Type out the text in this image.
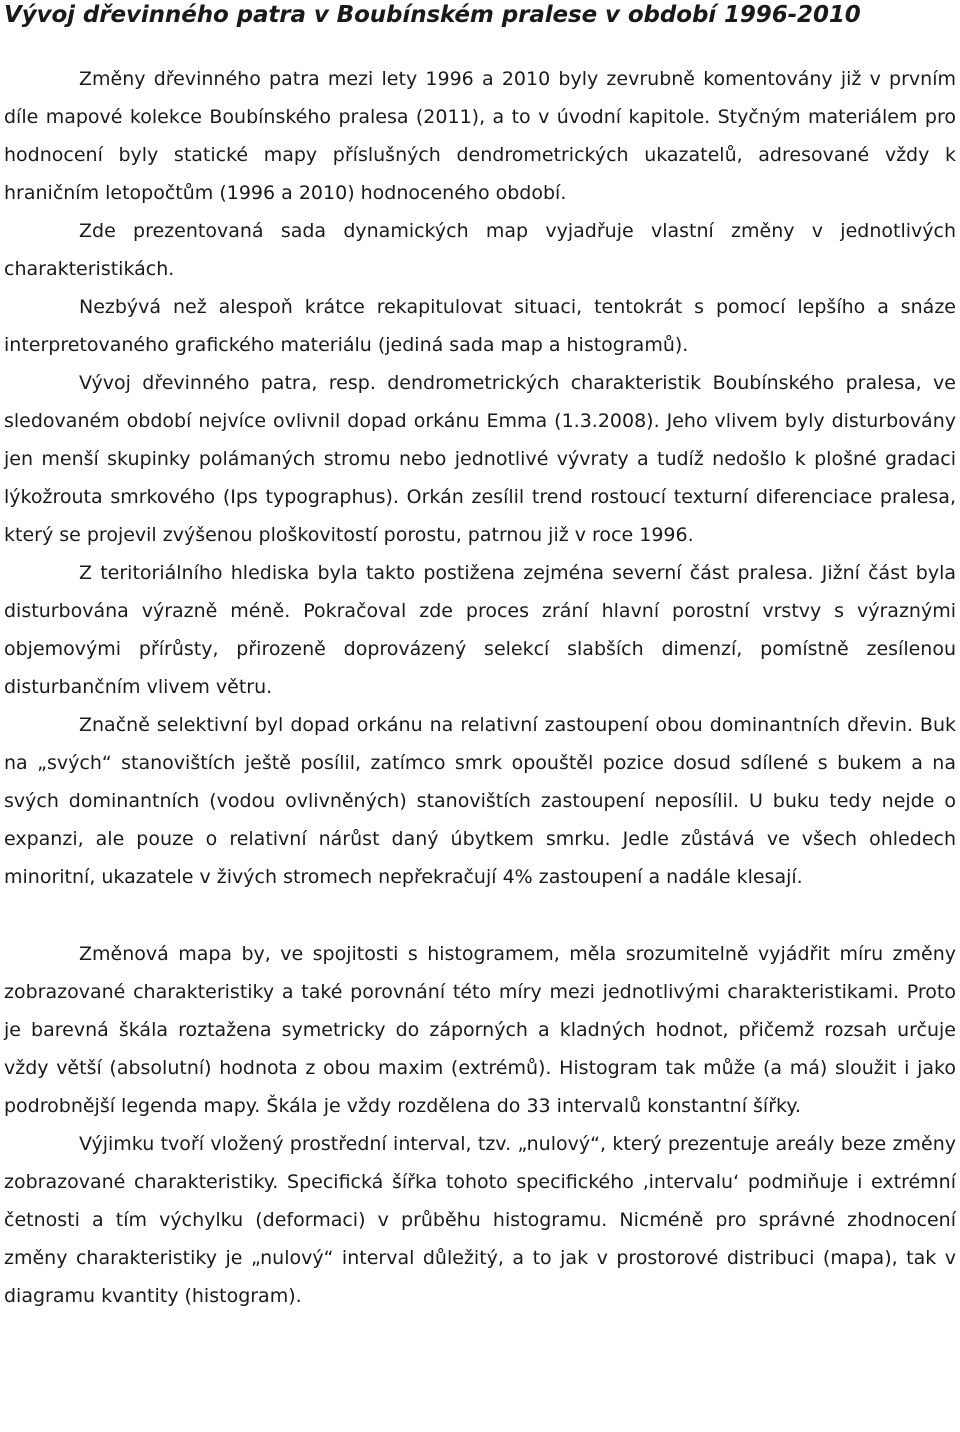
Vývoj dřevinného patra v Boubínském pralese v období 1996-2010

Změny dřevinného patra mezi lety 1996 a 2010 byly zevrubně komentovány již v prvním díle mapové kolekce Boubínského pralesa (2011), a to v úvodní kapitole. Styčným materiálem pro hodnocení byly statické mapy příslušných dendrometrických ukazatelů, adresované vždy k hraničním letopočtům (1996 a 2010) hodnoceného období.

Zde prezentovaná sada dynamických map vyjadřuje vlastní změny v jednotlivých charakteristikách.

Nezbývá než alespoň krátce rekapitulovat situaci, tentokrát s pomocí lepšího a snáze interpretovaného grafického materiálu (jediná sada map a histogramů).

Vývoj dřevinného patra, resp. dendrometrických charakteristik Boubínského pralesa, ve sledovaném období nejvíce ovlivnil dopad orkánu Emma (1.3.2008). Jeho vlivem byly disturbovány jen menší skupinky polámaných stromu nebo jednotlivé vývraty a tudíž nedošlo k plošné gradaci lýkožrouta smrkového (Ips typographus). Orkán zesílil trend rostoucí texturní diferenciace pralesa, který se projevil zvýšenou ploškovitostí porostu, patrnou již v roce 1996.

Z teritoriálního hlediska byla takto postižena zejména severní část pralesa. Jižní část byla disturbována výrazně méně. Pokračoval zde proces zrání hlavní porostní vrstvy s výraznými objemovými přírůsty, přirozeně doprovázený selekcí slabších dimenzí, pomístně zesílenou disturbančním vlivem větru.

Značně selektivní byl dopad orkánu na relativní zastoupení obou dominantních dřevin. Buk na „svých“ stanovištích ještě posílil, zatímco smrk opouštěl pozice dosud sdílené s bukem a na svých dominantních (vodou ovlivněných) stanovištích zastoupení neposílil. U buku tedy nejde o expanzi, ale pouze o relativní nárůst daný úbytkem smrku. Jedle zůstává ve všech ohledech minoritní, ukazatele v živých stromech nepřekračují 4% zastoupení a nadále klesají.

Změnová mapa by, ve spojitosti s histogramem, měla srozumitelně vyjádřit míru změny zobrazované charakteristiky a také porovnání této míry mezi jednotlivými charakteristikami. Proto je barevná škála roztažena symetricky do záporných a kladných hodnot, přičemž rozsah určuje vždy větší (absolutní) hodnota z obou maxim (extrémů). Histogram tak může (a má) sloužit i jako podrobnější legenda mapy. Škála je vždy rozdělena do 33 intervalů konstantní šířky.

Výjimku tvoří vložený prostřední interval, tzv. „nulový“, který prezentuje areály beze změny zobrazované charakteristiky. Specifická šířka tohoto specifického ‚intervalu‘ podmiňuje i extrémní četnosti a tím výchylku (deformaci) v průběhu histogramu. Nicméně pro správné zhodnocení změny charakteristiky je „nulový“ interval důležitý, a to jak v prostorové distribuci (mapa), tak v diagramu kvantity (histogram).
